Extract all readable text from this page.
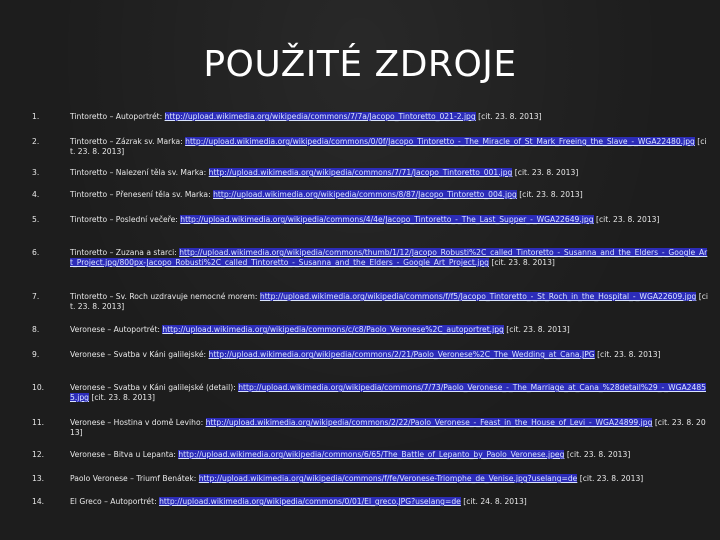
POUŽITÉ ZDROJE
1.	Tintoretto – Autoportrét: http://upload.wikimedia.org/wikipedia/commons/7/7a/Jacopo_Tintoretto_021-2.jpg [cit. 23. 8. 2013]
2.	Tintoretto – Zázrak sv. Marka: http://upload.wikimedia.org/wikipedia/commons/0/0f/Jacopo_Tintoretto_-_The_Miracle_of_St_Mark_Freeing_the_Slave_-_WGA22480.jpg [cit. 23. 8. 2013]
3.	Tintoretto – Nalezení těla sv. Marka: http://upload.wikimedia.org/wikipedia/commons/7/71/Jacopo_Tintoretto_001.jpg [cit. 23. 8. 2013]
4.	Tintoretto – Přenesení těla sv. Marka: http://upload.wikimedia.org/wikipedia/commons/8/87/Jacopo_Tintoretto_004.jpg [cit. 23. 8. 2013]
5.	Tintoretto – Poslední večeře: http://upload.wikimedia.org/wikipedia/commons/4/4e/Jacopo_Tintoretto_-_The_Last_Supper_-_WGA22649.jpg [cit. 23. 8. 2013]
6.	Tintoretto – Zuzana a starci: http://upload.wikimedia.org/wikipedia/commons/thumb/1/12/Jacopo_Robusti%2C_called_Tintoretto_-_Susanna_and_the_Elders_-_Google_Art_Project.jpg/800px-Jacopo_Robusti%2C_called_Tintoretto_-_Susanna_and_the_Elders_-_Google_Art_Project.jpg [cit. 23. 8. 2013]
7.	Tintoretto – Sv. Roch uzdravuje nemocné morem: http://upload.wikimedia.org/wikipedia/commons/f/f5/Jacopo_Tintoretto_-_St_Roch_in_the_Hospital_-_WGA22609.jpg [cit. 23. 8. 2013]
8.	Veronese – Autoportrét: http://upload.wikimedia.org/wikipedia/commons/c/c8/Paolo_Veronese%2C_autoportret.jpg [cit. 23. 8. 2013]
9.	Veronese – Svatba v Káni galilejské: http://upload.wikimedia.org/wikipedia/commons/2/21/Paolo_Veronese%2C_The_Wedding_at_Cana.JPG [cit. 23. 8. 2013]
10.	Veronese – Svatba v Káni galilejské (detail): http://upload.wikimedia.org/wikipedia/commons/7/73/Paolo_Veronese_-_The_Marriage_at_Cana_%28detail%29_-_WGA24855.jpg [cit. 23. 8. 2013]
11.	Veronese – Hostina v domě Leviho: http://upload.wikimedia.org/wikipedia/commons/2/22/Paolo_Veronese_-_Feast_in_the_House_of_Levi_-_WGA24899.jpg [cit. 23. 8. 2013]
12.	Veronese – Bitva u Lepanta: http://upload.wikimedia.org/wikipedia/commons/6/65/The_Battle_of_Lepanto_by_Paolo_Veronese.jpeg [cit. 23. 8. 2013]
13.	Paolo Veronese – Triumf Benátek: http://upload.wikimedia.org/wikipedia/commons/f/fe/Veronese-Triomphe_de_Venise.jpg?uselang=de [cit. 23. 8. 2013]
14.	El Greco – Autoportrét: http://upload.wikimedia.org/wikipedia/commons/0/01/El_greco.JPG?uselang=de [cit. 24. 8. 2013]
